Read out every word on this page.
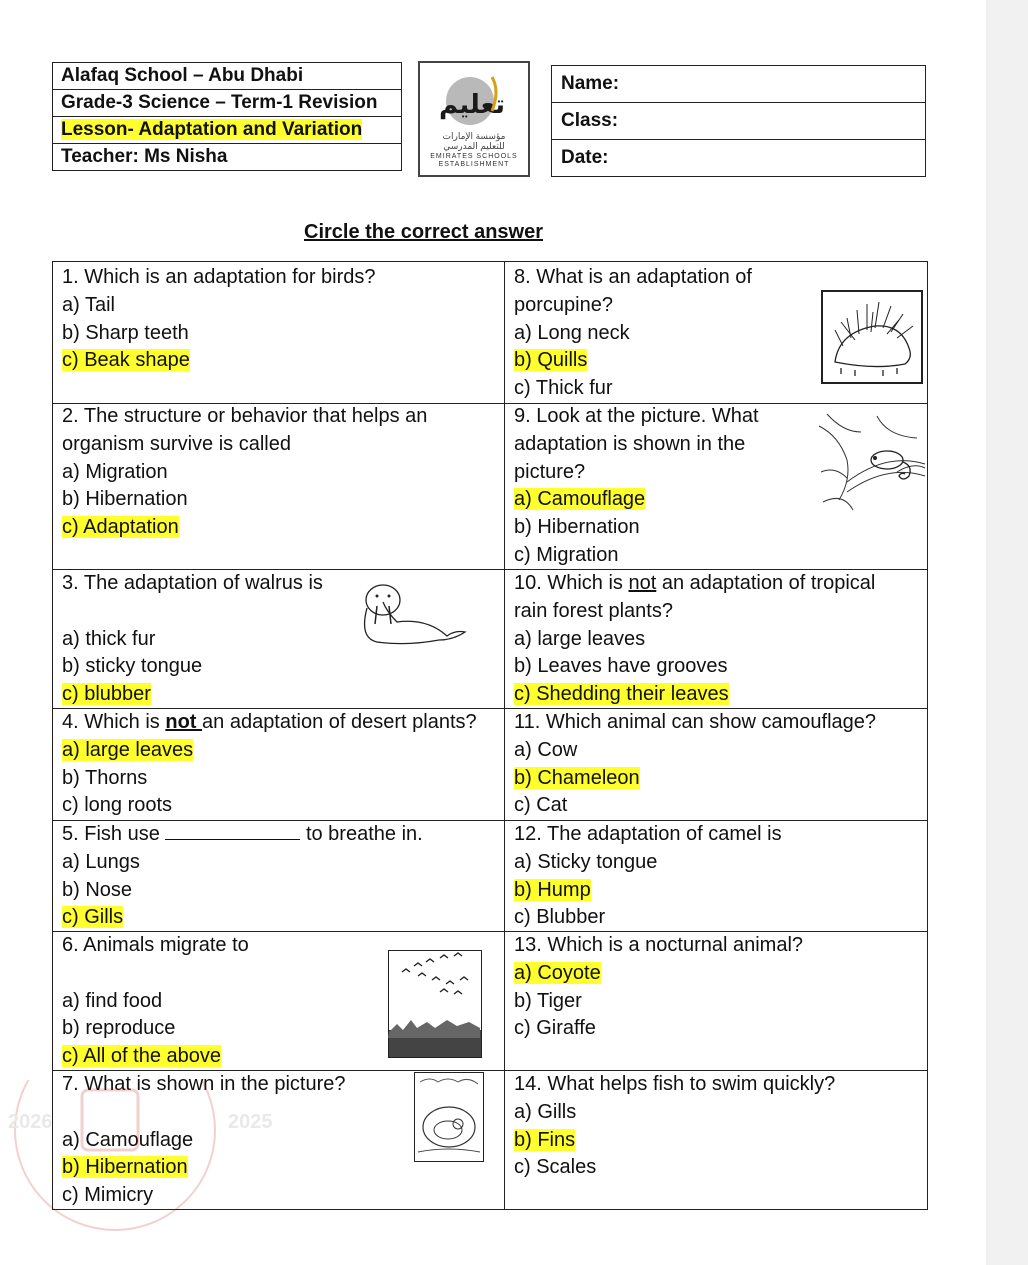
Alafaq School – Abu Dhabi
Grade-3 Science – Term-1 Revision
Lesson- Adaptation and Variation
Teacher: Ms Nisha
تعليم
مؤسسة الإمارات
للتعليم المدرسي
EMIRATES SCHOOLS
ESTABLISHMENT
Name:
Class:
Date:
Circle the correct answer
1. Which is an adaptation for birds?
a) Tail
b) Sharp teeth
c) Beak shape
2. The structure or behavior that helps an
organism survive is called
a) Migration
b) Hibernation
c) Adaptation
3. The adaptation of walrus is

a) thick fur
b) sticky tongue
c) blubber
4. Which is not an adaptation of desert plants?
a) large leaves
b) Thorns
c) long roots
5. Fish use	to breathe in.
a) Lungs
b) Nose
c) Gills
6. Animals migrate to

a) find food
b) reproduce
c) All of the above
7. What is shown in the picture?

a) Camouflage
b) Hibernation
c) Mimicry
8. What is an adaptation of
porcupine?
a) Long neck
b) Quills
c) Thick fur
9. Look at the picture. What
adaptation is shown in the
picture?
a) Camouflage
b) Hibernation
c) Migration
10. Which is not an adaptation of tropical
rain forest plants?
a) large leaves
b) Leaves have grooves
c) Shedding their leaves
11. Which animal can show camouflage?
a) Cow
b) Chameleon
c) Cat
12. The adaptation of camel is
a) Sticky tongue
b) Hump
c) Blubber
13. Which is a nocturnal animal?
a) Coyote
b) Tiger
c) Giraffe
14. What helps fish to swim quickly?
a) Gills
b) Fins
c) Scales
2026	2025
